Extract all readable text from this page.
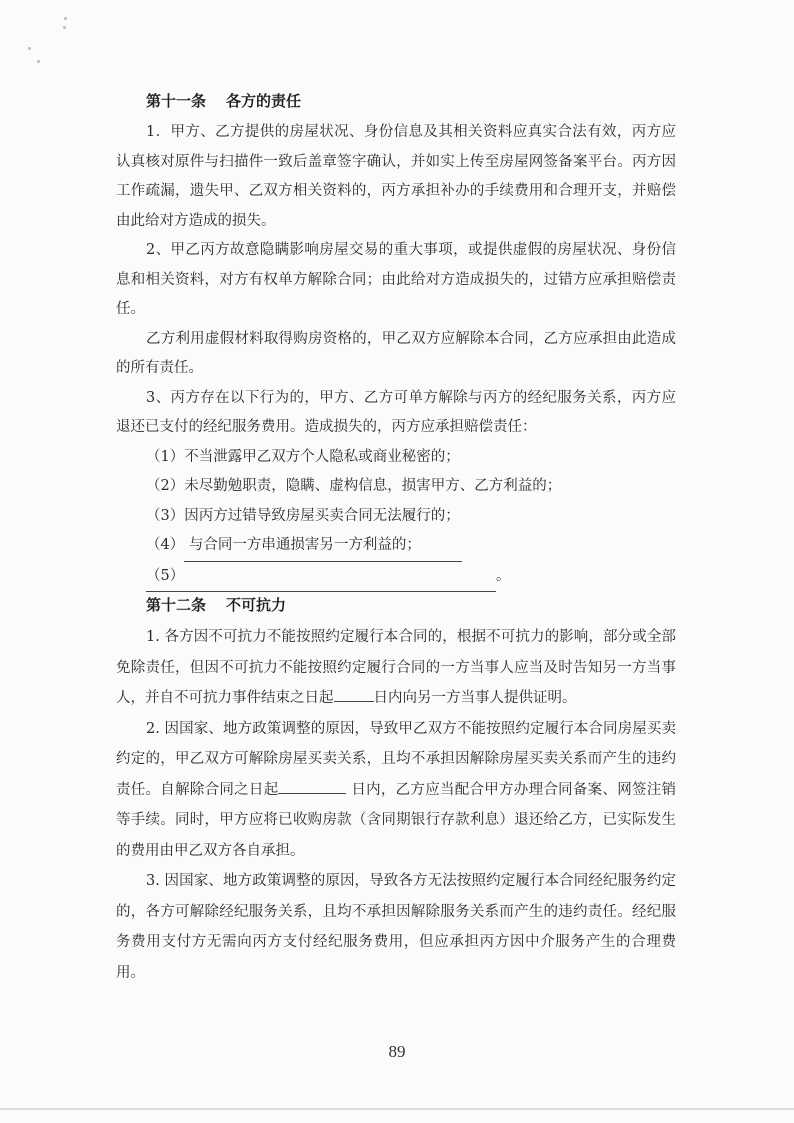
第十一条 各方的责任

1．甲方、乙方提供的房屋状况、身份信息及其相关资料应真实合法有效，丙方应认真核对原件与扫描件一致后盖章签字确认，并如实上传至房屋网签备案平台。丙方因工作疏漏，遗失甲、乙双方相关资料的，丙方承担补办的手续费用和合理开支，并赔偿由此给对方造成的损失。

2、甲乙丙方故意隐瞒影响房屋交易的重大事项，或提供虚假的房屋状况、身份信息和相关资料，对方有权单方解除合同；由此给对方造成损失的，过错方应承担赔偿责任。

乙方利用虚假材料取得购房资格的，甲乙双方应解除本合同，乙方应承担由此造成的所有责任。

3、丙方存在以下行为的，甲方、乙方可单方解除与丙方的经纪服务关系，丙方应退还已支付的经纪服务费用。造成损失的，丙方应承担赔偿责任：

（1）不当泄露甲乙双方个人隐私或商业秘密的；

（2）未尽勤勉职责，隐瞒、虚构信息，损害甲方、乙方利益的；

（3）因丙方过错导致房屋买卖合同无法履行的；

（4） 与合同一方串通损害另一方利益的；

（5）	。

第十二条 不可抗力

1. 各方因不可抗力不能按照约定履行本合同的，根据不可抗力的影响，部分或全部免除责任，但因不可抗力不能按照约定履行合同的一方当事人应当及时告知另一方当事人，并自不可抗力事件结束之日起	日内向另一方当事人提供证明。

2. 因国家、地方政策调整的原因，导致甲乙双方不能按照约定履行本合同房屋买卖约定的，甲乙双方可解除房屋买卖关系，且均不承担因解除房屋买卖关系而产生的违约责任。自解除合同之日起	日内，乙方应当配合甲方办理合同备案、网签注销等手续。同时，甲方应将已收购房款（含同期银行存款利息）退还给乙方，已实际发生的费用由甲乙双方各自承担。

3. 因国家、地方政策调整的原因，导致各方无法按照约定履行本合同经纪服务约定的，各方可解除经纪服务关系，且均不承担因解除服务关系而产生的违约责任。经纪服务费用支付方无需向丙方支付经纪服务费用，但应承担丙方因中介服务产生的合理费用。

89
